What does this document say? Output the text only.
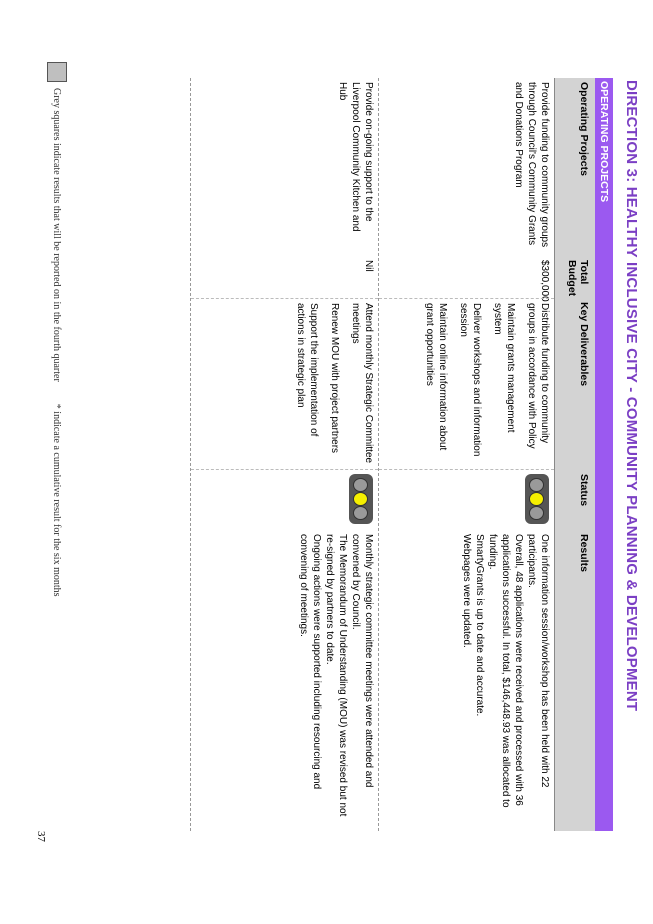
DIRECTION 3: HEALTHY INCLUSIVE CITY - COMMUNITY PLANNING & DEVELOPMENT
OPERATING PROJECTS
Operating Projects
Total Budget
Key Deliverables
Status
Results
Provide funding to community groups through Council's Community Grants and Donations Program
$300,000

Distribute funding to community groups in accordance with Policy

Maintain grants management system

Deliver workshops and information session

Maintain online information about grant opportunities

One information session/workshop has been held with 22 participants.

Overall, 48 applications were received and processed with 36 applications successful. In total, $146,448.93 was allocated to funding.

SmartyGrants is up to date and accurate.

Webpages were updated.

Provide on-going support to the Liverpool Community Kitchen and Hub
Nil

Attend monthly Strategic Committee meetings

Renew MOU with project partners

Support the implementation of actions in strategic plan

Monthly strategic committee meetings were attended and convened by Council.

The Memorandum of Understanding (MOU) was revised but not re-signed by partners to date.

Ongoing actions were supported including resourcing and convening of meetings.

Grey squares indicate results that will be reported on in the fourth quarter
* indicate a cumulative result for the six months
37
